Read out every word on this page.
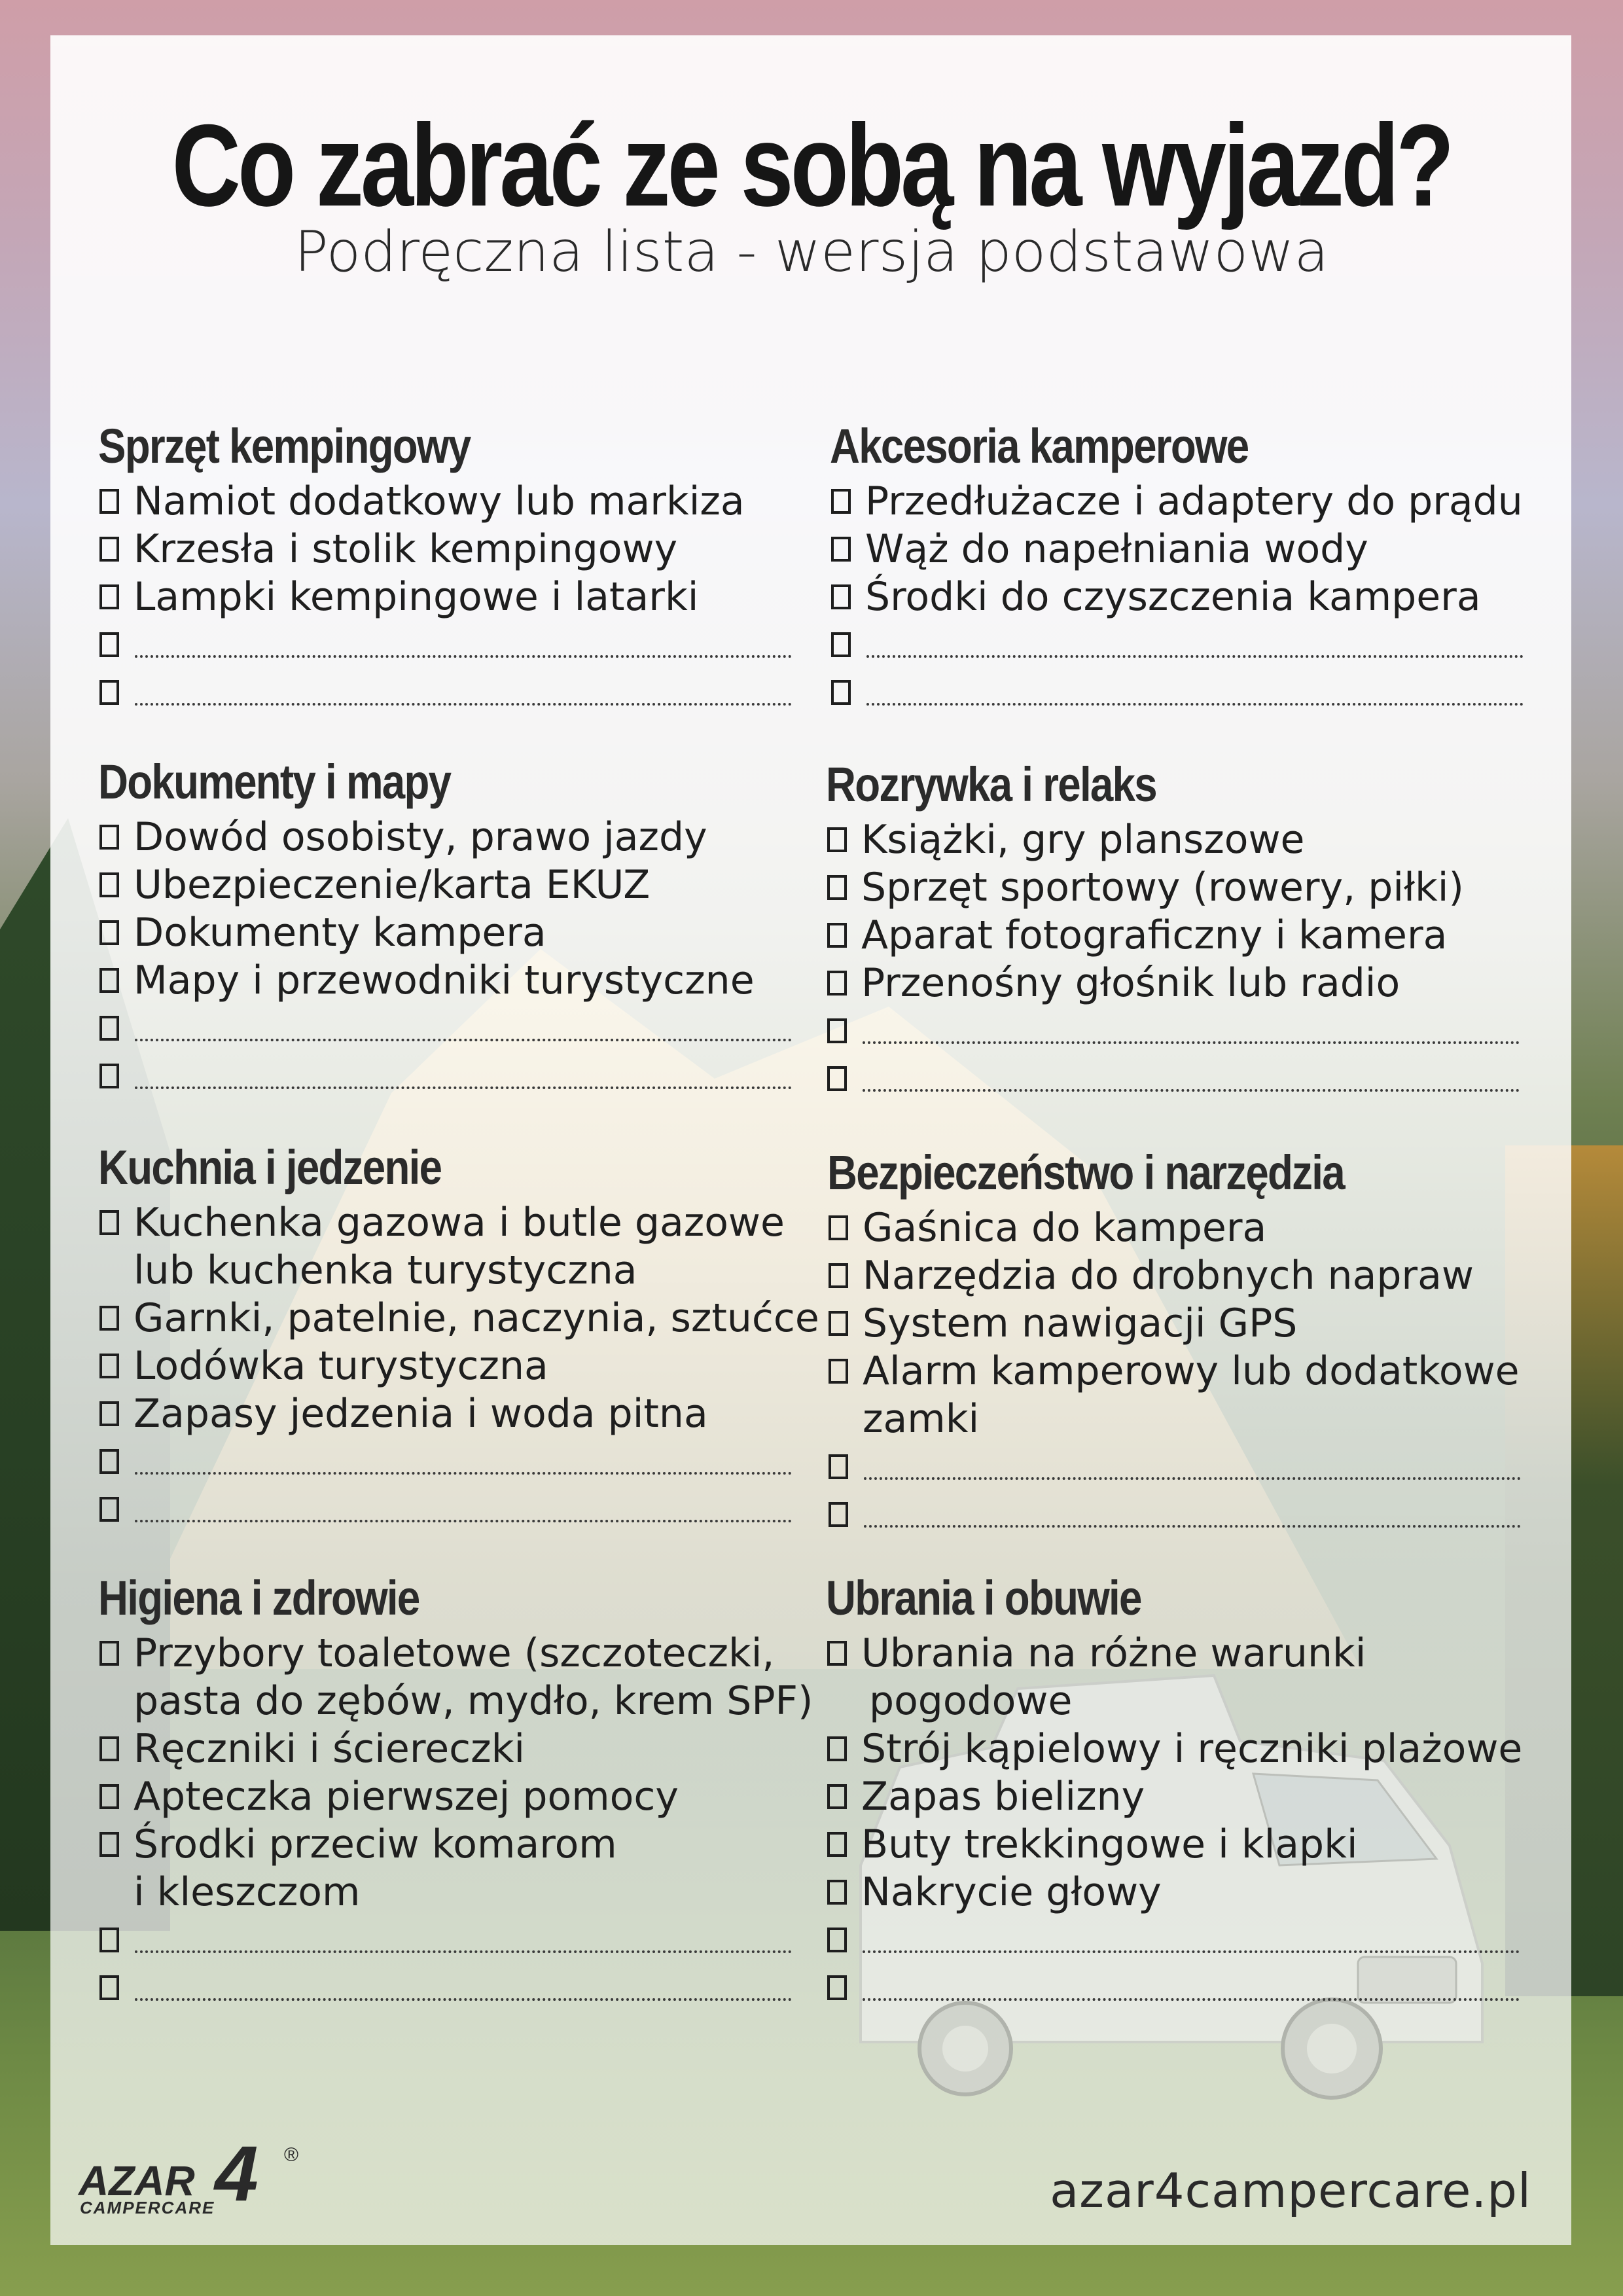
Co zabrać ze sobą na wyjazd?
Podręczna lista - wersja podstawowa
Sprzęt kempingowy
Namiot dodatkowy lub markiza
Krzesła i stolik kempingowy
Lampki kempingowe i latarki
Dokumenty i mapy
Dowód osobisty, prawo jazdy
Ubezpieczenie/karta EKUZ
Dokumenty kampera
Mapy i przewodniki turystyczne
Kuchnia i jedzenie
Kuchenka gazowa i butle gazowe
lub kuchenka turystyczna
Garnki, patelnie, naczynia, sztućce
Lodówka turystyczna
Zapasy jedzenia i woda pitna
Higiena i zdrowie
Przybory toaletowe (szczoteczki,
pasta do zębów, mydło, krem SPF)
Ręczniki i ściereczki
Apteczka pierwszej pomocy
Środki przeciw komarom
i kleszczom
Akcesoria kamperowe
Przedłużacze i adaptery do prądu
Wąż do napełniania wody
Środki do czyszczenia kampera
Rozrywka i relaks
Książki, gry planszowe
Sprzęt sportowy (rowery, piłki)
Aparat fotograficzny i kamera
Przenośny głośnik lub radio
Bezpieczeństwo i narzędzia
Gaśnica do kampera
Narzędzia do drobnych napraw
System nawigacji GPS
Alarm kamperowy lub dodatkowe
zamki
Ubrania i obuwie
Ubrania na różne warunki
pogodowe
Strój kąpielowy i ręczniki plażowe
Zapas bielizny
Buty trekkingowe i klapki
Nakrycie głowy
AZAR 4
CAMPERCARE
®
azar4campercare.pl
